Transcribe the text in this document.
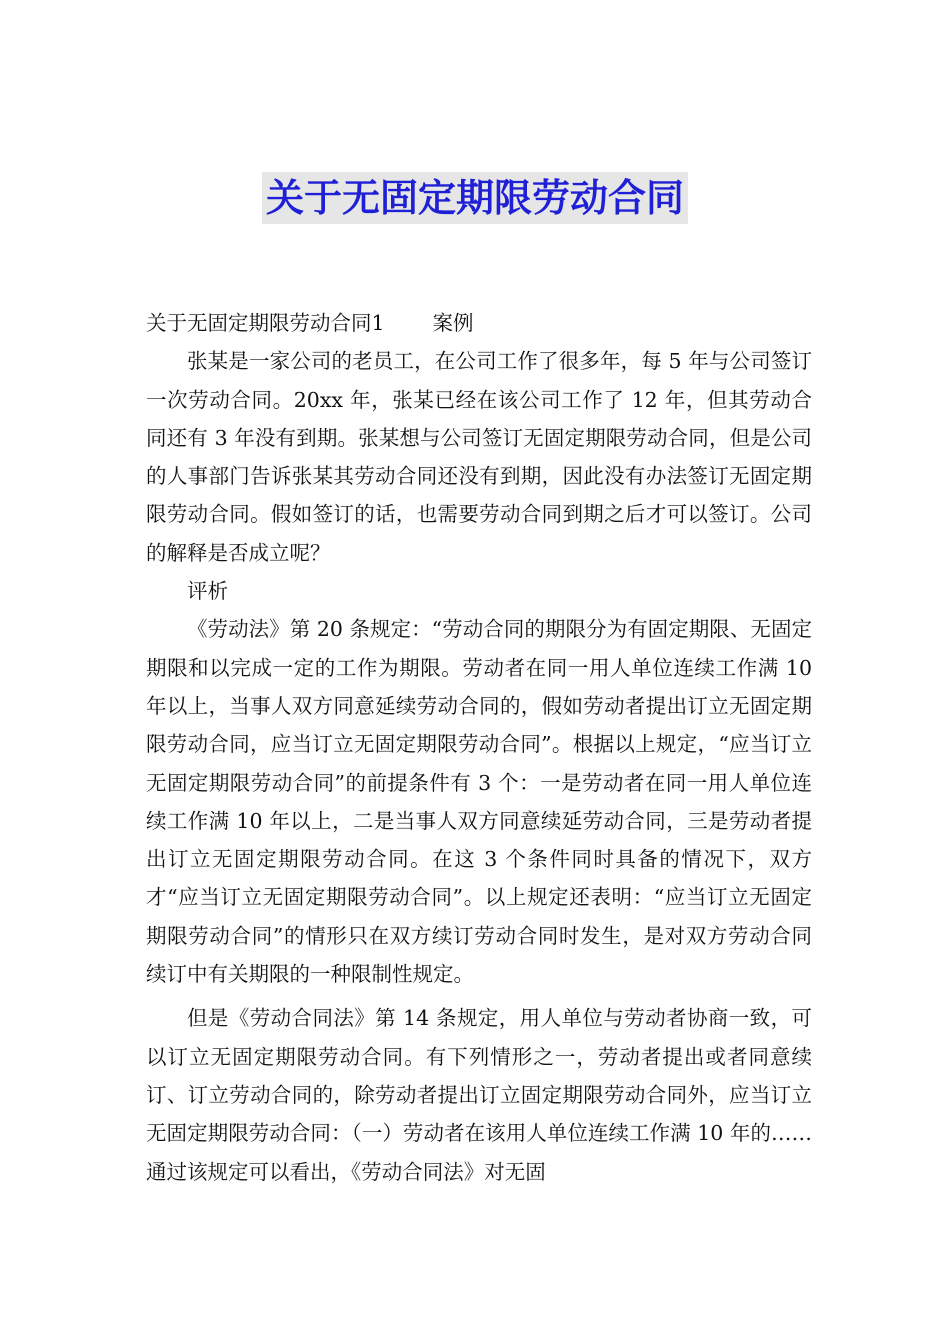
关于无固定期限劳动合同

关于无固定期限劳动合同1 案例

张某是一家公司的老员工，在公司工作了很多年，每 5 年与公司签订一次劳动合同。20xx 年，张某已经在该公司工作了 12 年，但其劳动合同还有 3 年没有到期。张某想与公司签订无固定期限劳动合同，但是公司的人事部门告诉张某其劳动合同还没有到期，因此没有办法签订无固定期限劳动合同。假如签订的话，也需要劳动合同到期之后才可以签订。公司的解释是否成立呢？

评析

《劳动法》第 20 条规定：“劳动合同的期限分为有固定期限、无固定期限和以完成一定的工作为期限。劳动者在同一用人单位连续工作满 10 年以上，当事人双方同意延续劳动合同的，假如劳动者提出订立无固定期限劳动合同，应当订立无固定期限劳动合同”。根据以上规定，“应当订立无固定期限劳动合同”的前提条件有 3 个：一是劳动者在同一用人单位连续工作满 10 年以上，二是当事人双方同意续延劳动合同，三是劳动者提出订立无固定期限劳动合同。在这 3 个条件同时具备的情况下，双方才“应当订立无固定期限劳动合同”。以上规定还表明：“应当订立无固定期限劳动合同”的情形只在双方续订劳动合同时发生，是对双方劳动合同续订中有关期限的一种限制性规定。

但是《劳动合同法》第 14 条规定，用人单位与劳动者协商一致，可以订立无固定期限劳动合同。有下列情形之一，劳动者提出或者同意续订、订立劳动合同的，除劳动者提出订立固定期限劳动合同外，应当订立无固定期限劳动合同：（一）劳动者在该用人单位连续工作满 10 年的……通过该规定可以看出，《劳动合同法》对无固
